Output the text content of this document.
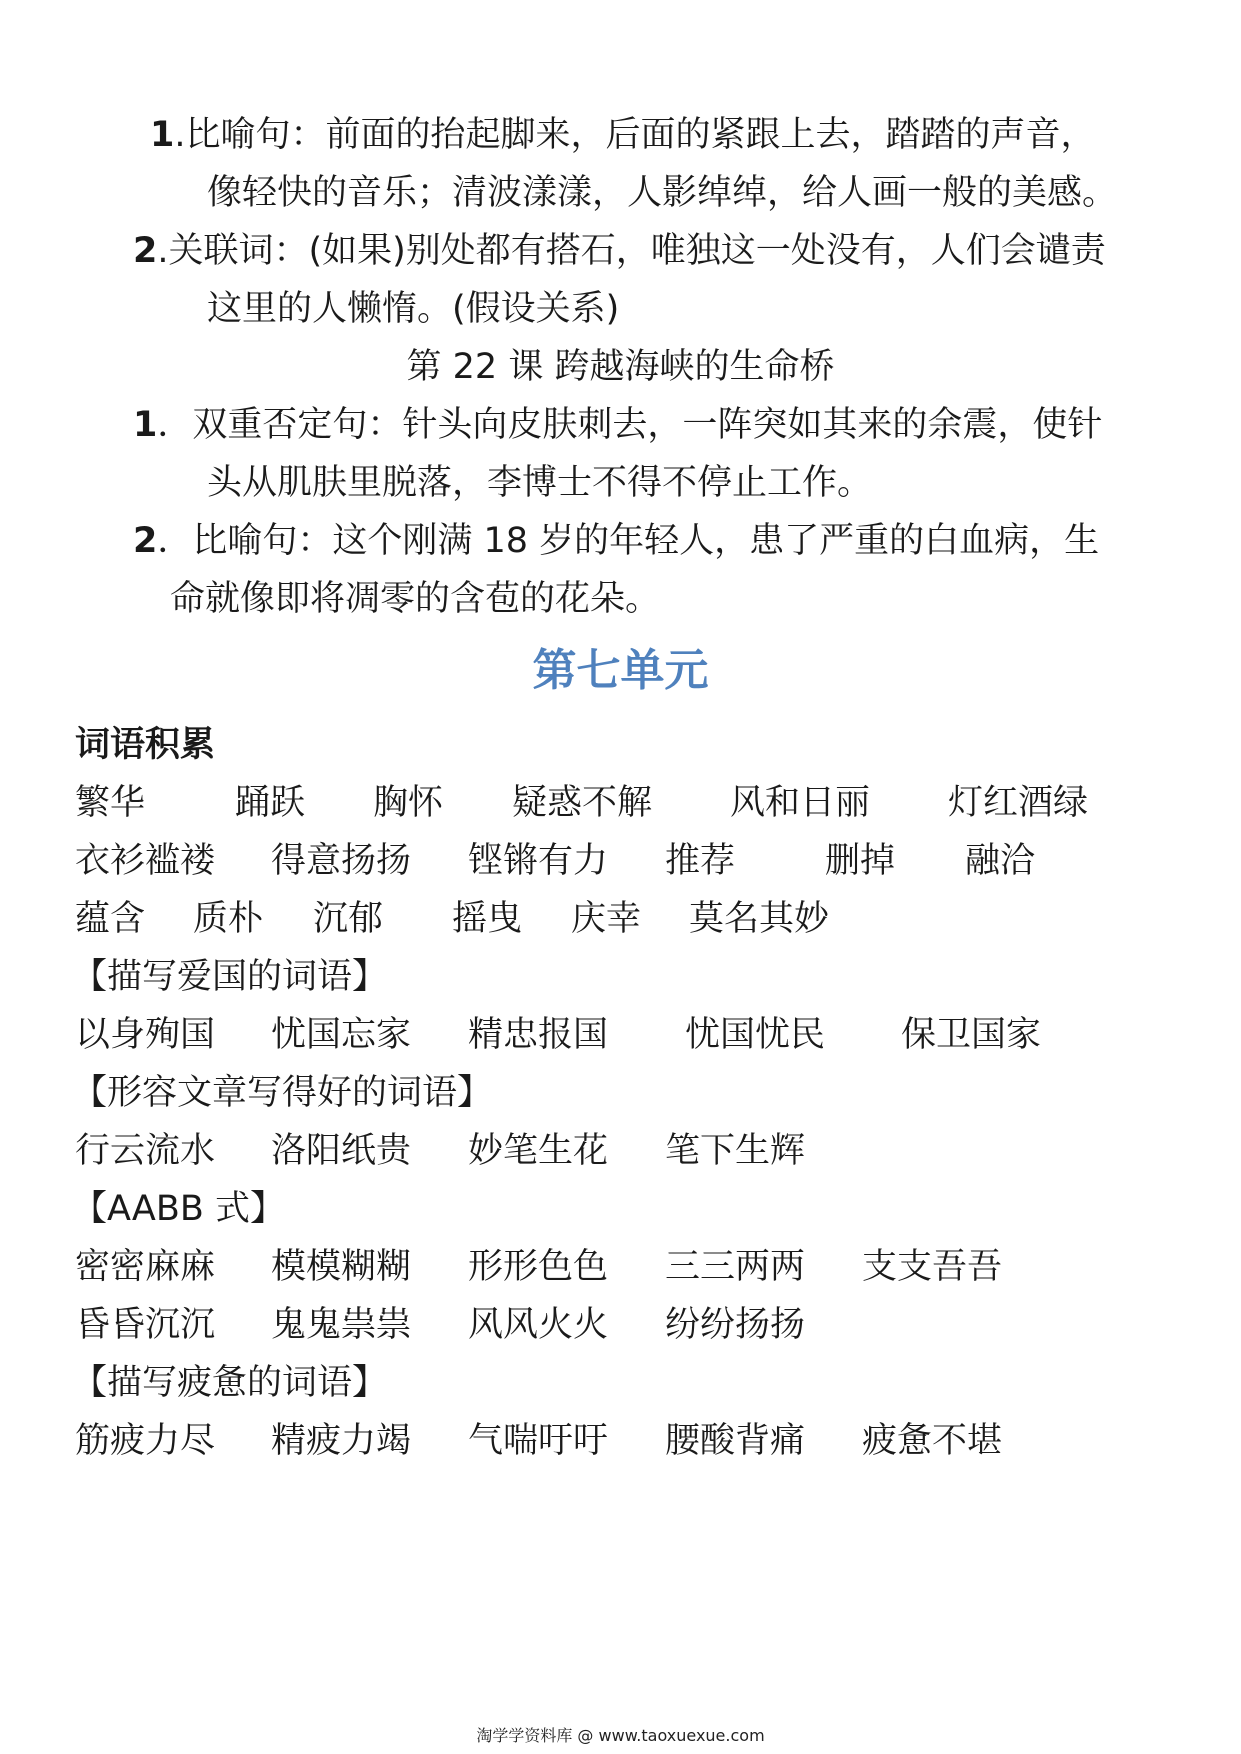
1.比喻句：前面的抬起脚来，后面的紧跟上去，踏踏的声音，
像轻快的音乐；清波漾漾，人影绰绰，给人画一般的美感。
2.关联词：(如果)别处都有搭石，唯独这一处没有，人们会谴责
这里的人懒惰。(假设关系)
第 22 课 跨越海峡的生命桥
1．双重否定句：针头向皮肤刺去，一阵突如其来的余震，使针
头从肌肤里脱落，李博士不得不停止工作。
2．比喻句：这个刚满 18 岁的年轻人，患了严重的白血病，生
命就像即将凋零的含苞的花朵。
第七单元
词语积累
繁华	踊跃 胸怀 疑惑不解 风和日丽 灯红酒绿
衣衫褴褛 得意扬扬 铿锵有力 推荐	删掉 融洽
蕴含 质朴 沉郁 摇曳 庆幸 莫名其妙
【描写爱国的词语】
以身殉国 忧国忘家 精忠报国 忧国忧民 保卫国家
【形容文章写得好的词语】
行云流水 洛阳纸贵 妙笔生花 笔下生辉
【AABB 式】
密密麻麻 模模糊糊 形形色色 三三两两 支支吾吾
昏昏沉沉 鬼鬼祟祟 风风火火 纷纷扬扬
【描写疲惫的词语】
筋疲力尽 精疲力竭 气喘吁吁 腰酸背痛 疲惫不堪
淘学学资料库 @ www.taoxuexue.com
